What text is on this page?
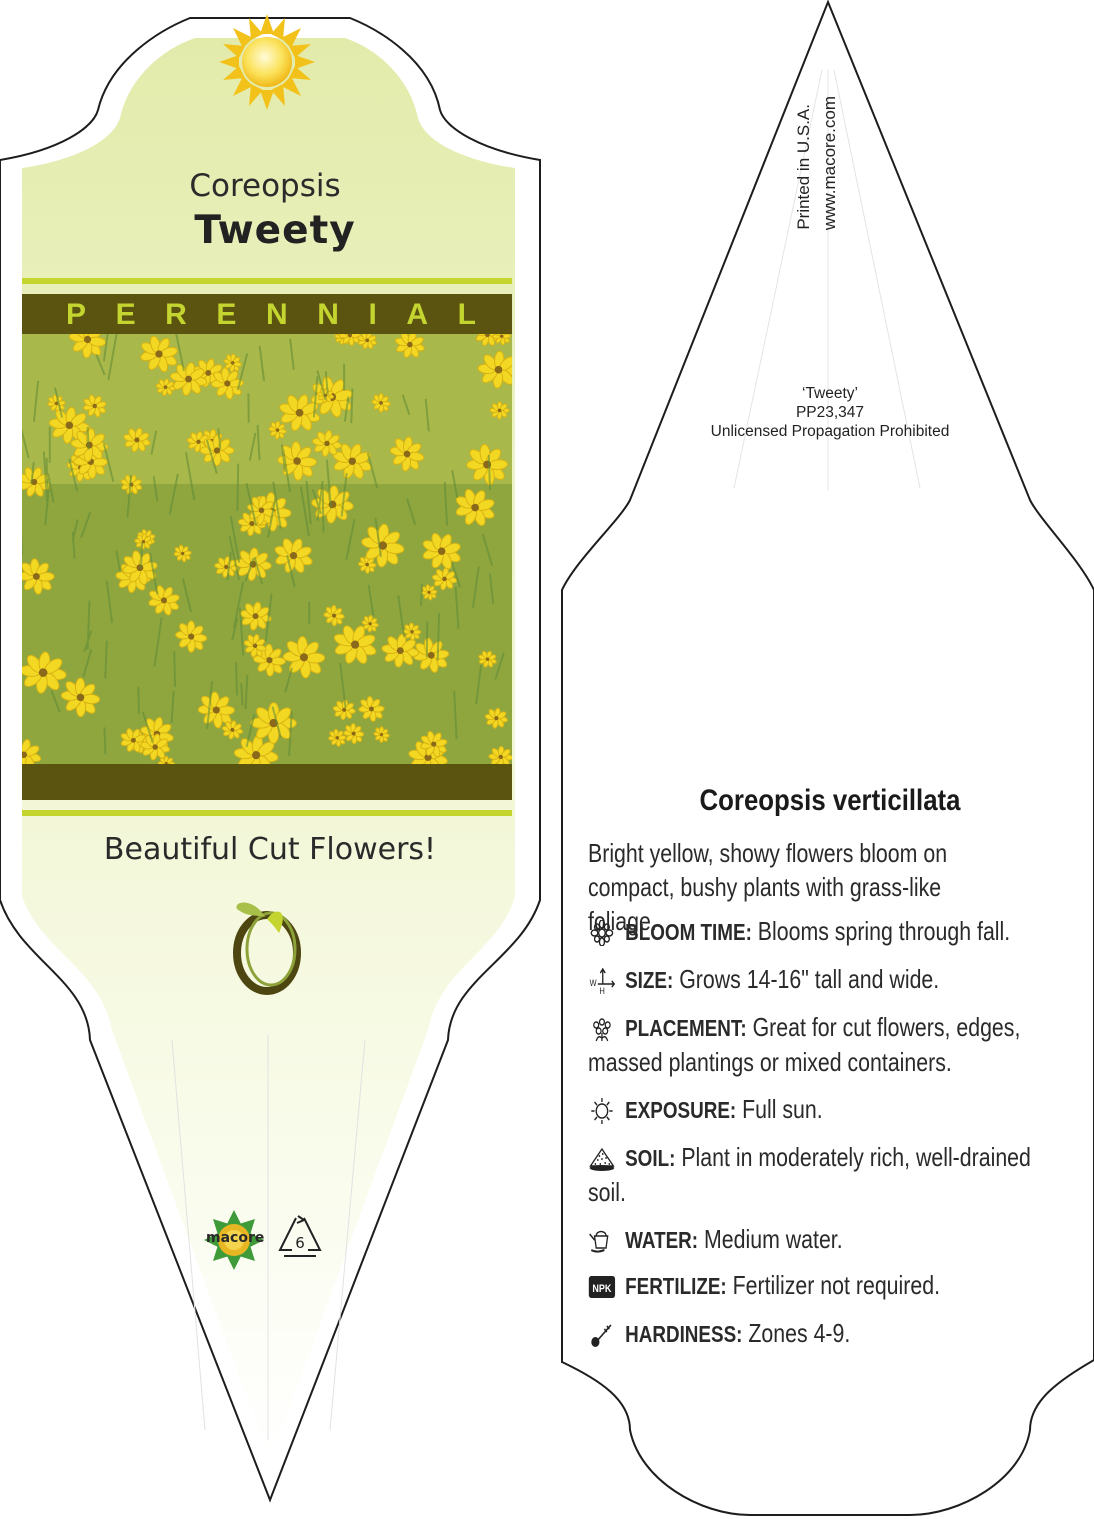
Coreopsis

Tweety

P E R E N N I A L

Beautiful Cut Flowers!

macore	6

Printed in U.S.A. www.macore.com
‘Tweety’
PP23,347
Unlicensed Propagation Prohibited

Coreopsis verticillata

Bright yellow, showy flowers bloom on compact, bushy plants with grass-like foliage.

BLOOM TIME: Blooms spring through fall.
W
H SIZE: Grows 14-16" tall and wide.
PLACEMENT: Great for cut flowers, edges, massed plantings or mixed containers.
EXPOSURE: Full sun.
SOIL: Plant in moderately rich, well-drained soil.
WATER: Medium water.
NPK FERTILIZE: Fertilizer not required.
HARDINESS: Zones 4-9.
